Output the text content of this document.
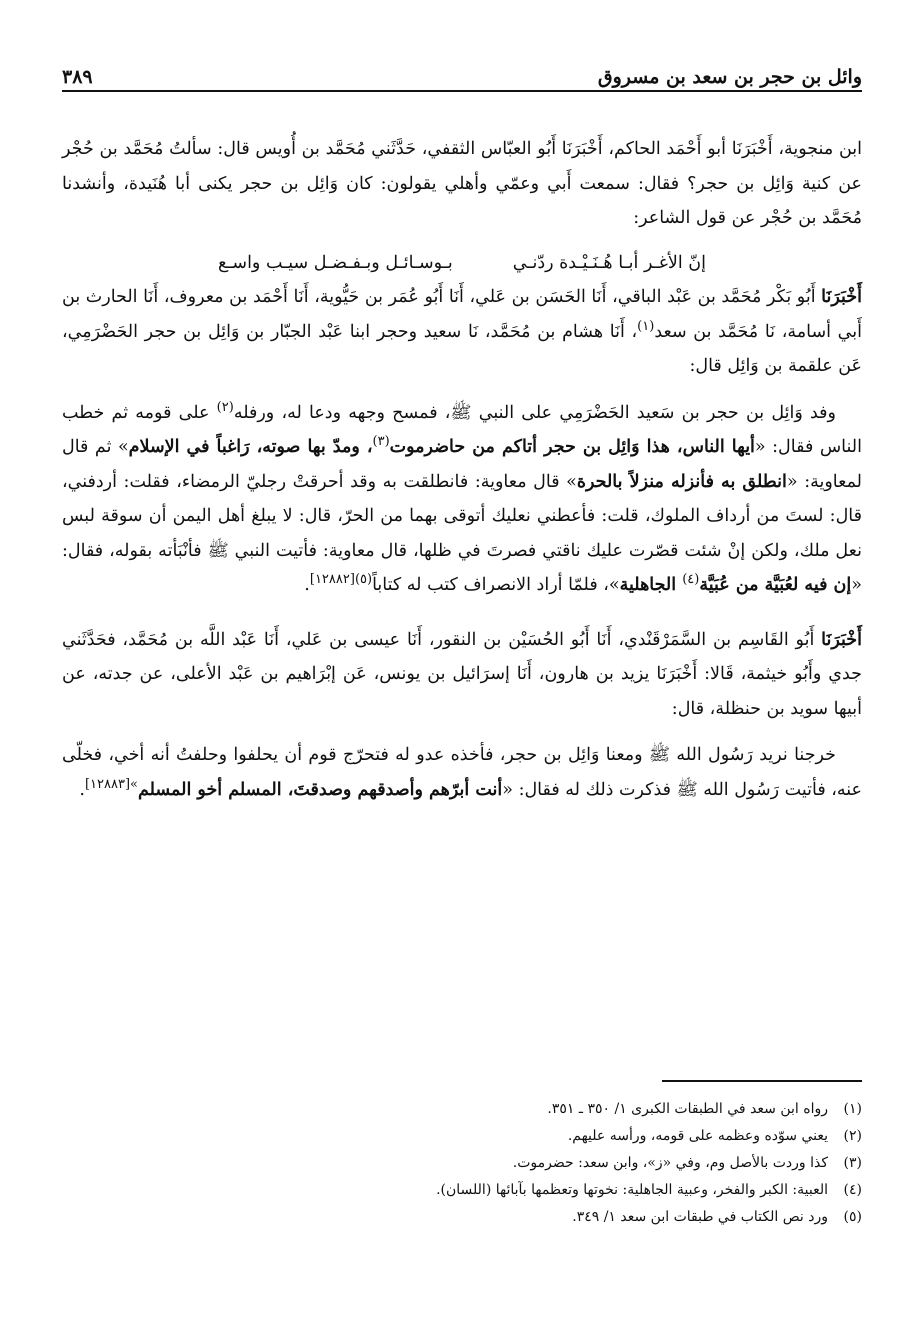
وائل بن حجر بن سعد بن مسروق
٣٨٩

ابن منجوية، أَخْبَرَنَا أبو أَحْمَد الحاكم، أَخْبَرَنَا أَبُو العبّاس الثقفي، حَدَّثَني مُحَمَّد بن أُويس قال: سألتُ مُحَمَّد بن حُجْر عن كنية وَائِل بن حجر؟ فقال: سمعت أَبي وعمّي وأهلي يقولون: كان وَائِل بن حجر يكنى أبا هُنَيدة، وأنشدنا مُحَمَّد بن حُجْر عن قول الشاعر:

إنّ الأغـر أبـا هُـنَـيْـدة ردّنـي
بـوسـائـل وبـفـضـل سيـب واسـع

أَخْبَرَنَا أَبُو بَكْر مُحَمَّد بن عَبْد الباقي، أَنَا الحَسَن بن عَلي، أَنَا أَبُو عُمَر بن حَيُّوية، أَنَا أَحْمَد بن معروف، أَنَا الحارث بن أَبي أسامة، نَا مُحَمَّد بن سعد$^{(١)}$، أَنَا هشام بن مُحَمَّد، نَا سعيد وحجر ابنا عَبْد الجبّار بن وَائِل بن حجر الحَضْرَمِي، عَن علقمة بن وَائِل قال:

وفد وَائِل بن حجر بن سَعيد الحَضْرَمِي على النبي ﷺ، فمسح وجهه ودعا له، ورفله$^{(٢)}$ على قومه ثم خطب الناس فقال: «أيها الناس، هذا وَائِل بن حجر أتاكم من حاضرموت$^{(٣)}$، ومدّ بها صوته، رَاغباً في الإسلام» ثم قال لمعاوية: «انطلق به فأنزله منزلاً بالحرة» قال معاوية: فانطلقت به وقد أحرقتْ رجليّ الرمضاء، فقلت: أردفني، قال: لستَ من أرداف الملوك، قلت: فأعطني نعليك أتوقى بهما من الحرّ، قال: لا يبلغ أهل اليمن أن سوقة لبس نعل ملك، ولكن إنْ شئت قصّرت عليك ناقتي فصرتَ في ظلها، قال معاوية: فأتيت النبي ﷺ فأنْبَأته بقوله، فقال: «إن فيه لعُبَيَّة من عُبَيَّة$^{(٤)}$ الجاهلية»، فلمّا أراد الانصراف كتب له كتاباً$^{(٥)[١٢٨٨٢]}$.

أَخْبَرَنَا أَبُو القَاسِم بن السَّمَرْقَنْدي، أَنَا أَبُو الحُسَيْن بن النقور، أَنَا عيسى بن عَلي، أَنَا عَبْد اللَّه بن مُحَمَّد، فحَدَّثَني جدي وأَبُو خيثمة، قَالا: أَخْبَرَنَا يزيد بن هارون، أَنَا إسرَائيل بن يونس، عَن إبْرَاهيم بن عَبْد الأعلى، عن جدته، عن أبيها سويد بن حنظلة، قال:

خرجنا نريد رَسُول الله ﷺ ومعنا وَائِل بن حجر، فأخذه عدو له فتحرّج قوم أن يحلفوا وحلفتُ أنه أخي، فخلّى عنه، فأتيت رَسُول الله ﷺ فذكرت ذلك له فقال: «أنت أبرّهم وأصدقهم وصدقتَ، المسلم أخو المسلم$^{»[١٢٨٨٣]}$.

(١)
رواه ابن سعد في الطبقات الكبرى ١/ ٣٥٠ ـ ٣٥١.
(٢)
يعني سوّده وعظمه على قومه، ورأسه عليهم.
(٣)
كذا وردت بالأصل وم، وفي «ز»، وابن سعد: حضرموت.
(٤)
العبية: الكبر والفخر، وعبية الجاهلية: نخوتها وتعظمها بآبائها (اللسان).
(٥)
ورد نص الكتاب في طبقات ابن سعد ١/ ٣٤٩.
